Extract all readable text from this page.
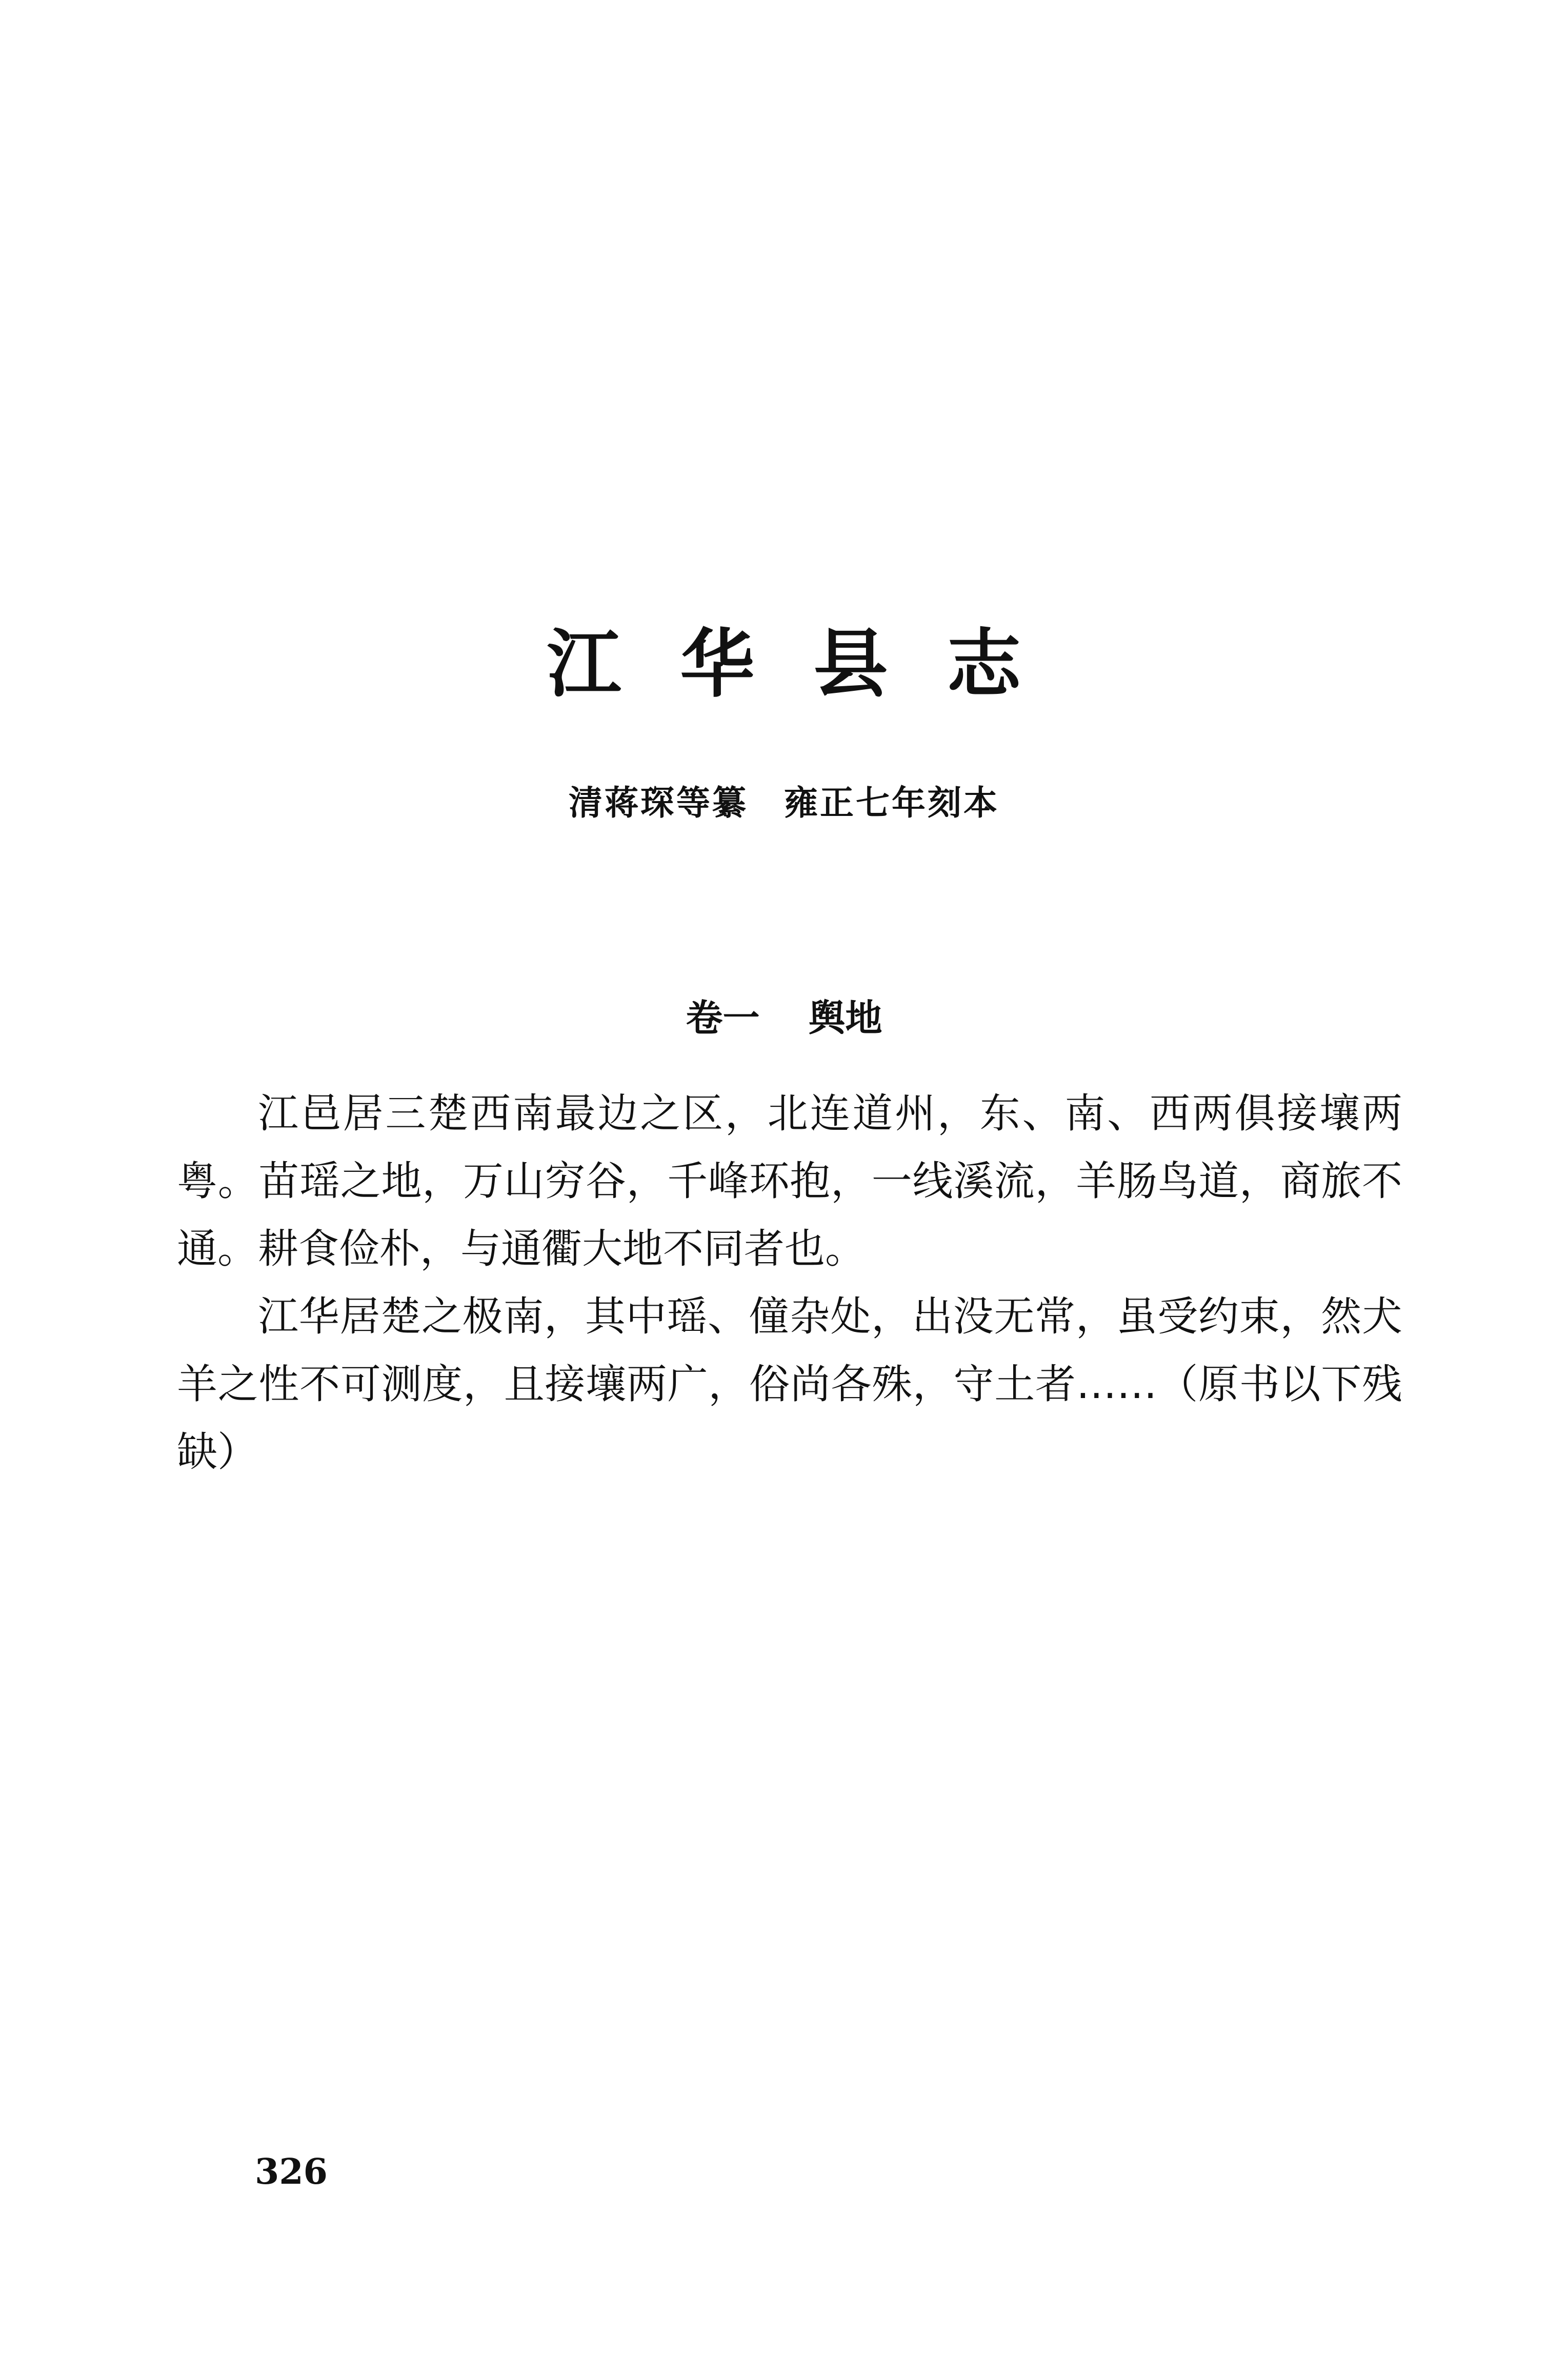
江华县志
清蒋琛等纂 雍正七年刻本
卷一 舆地

江邑居三楚西南最边之区，北连道州，东、南、西两俱接壤两粤。苗瑶之地，万山穷谷，千峰环抱，一线溪流，羊肠鸟道，商旅不通。耕食俭朴，与通衢大地不同者也。

江华居楚之极南，其中瑶、僮杂处，出没无常，虽受约束，然犬羊之性不可测度，且接壤两广，俗尚各殊，守土者……（原书以下残缺）

326
